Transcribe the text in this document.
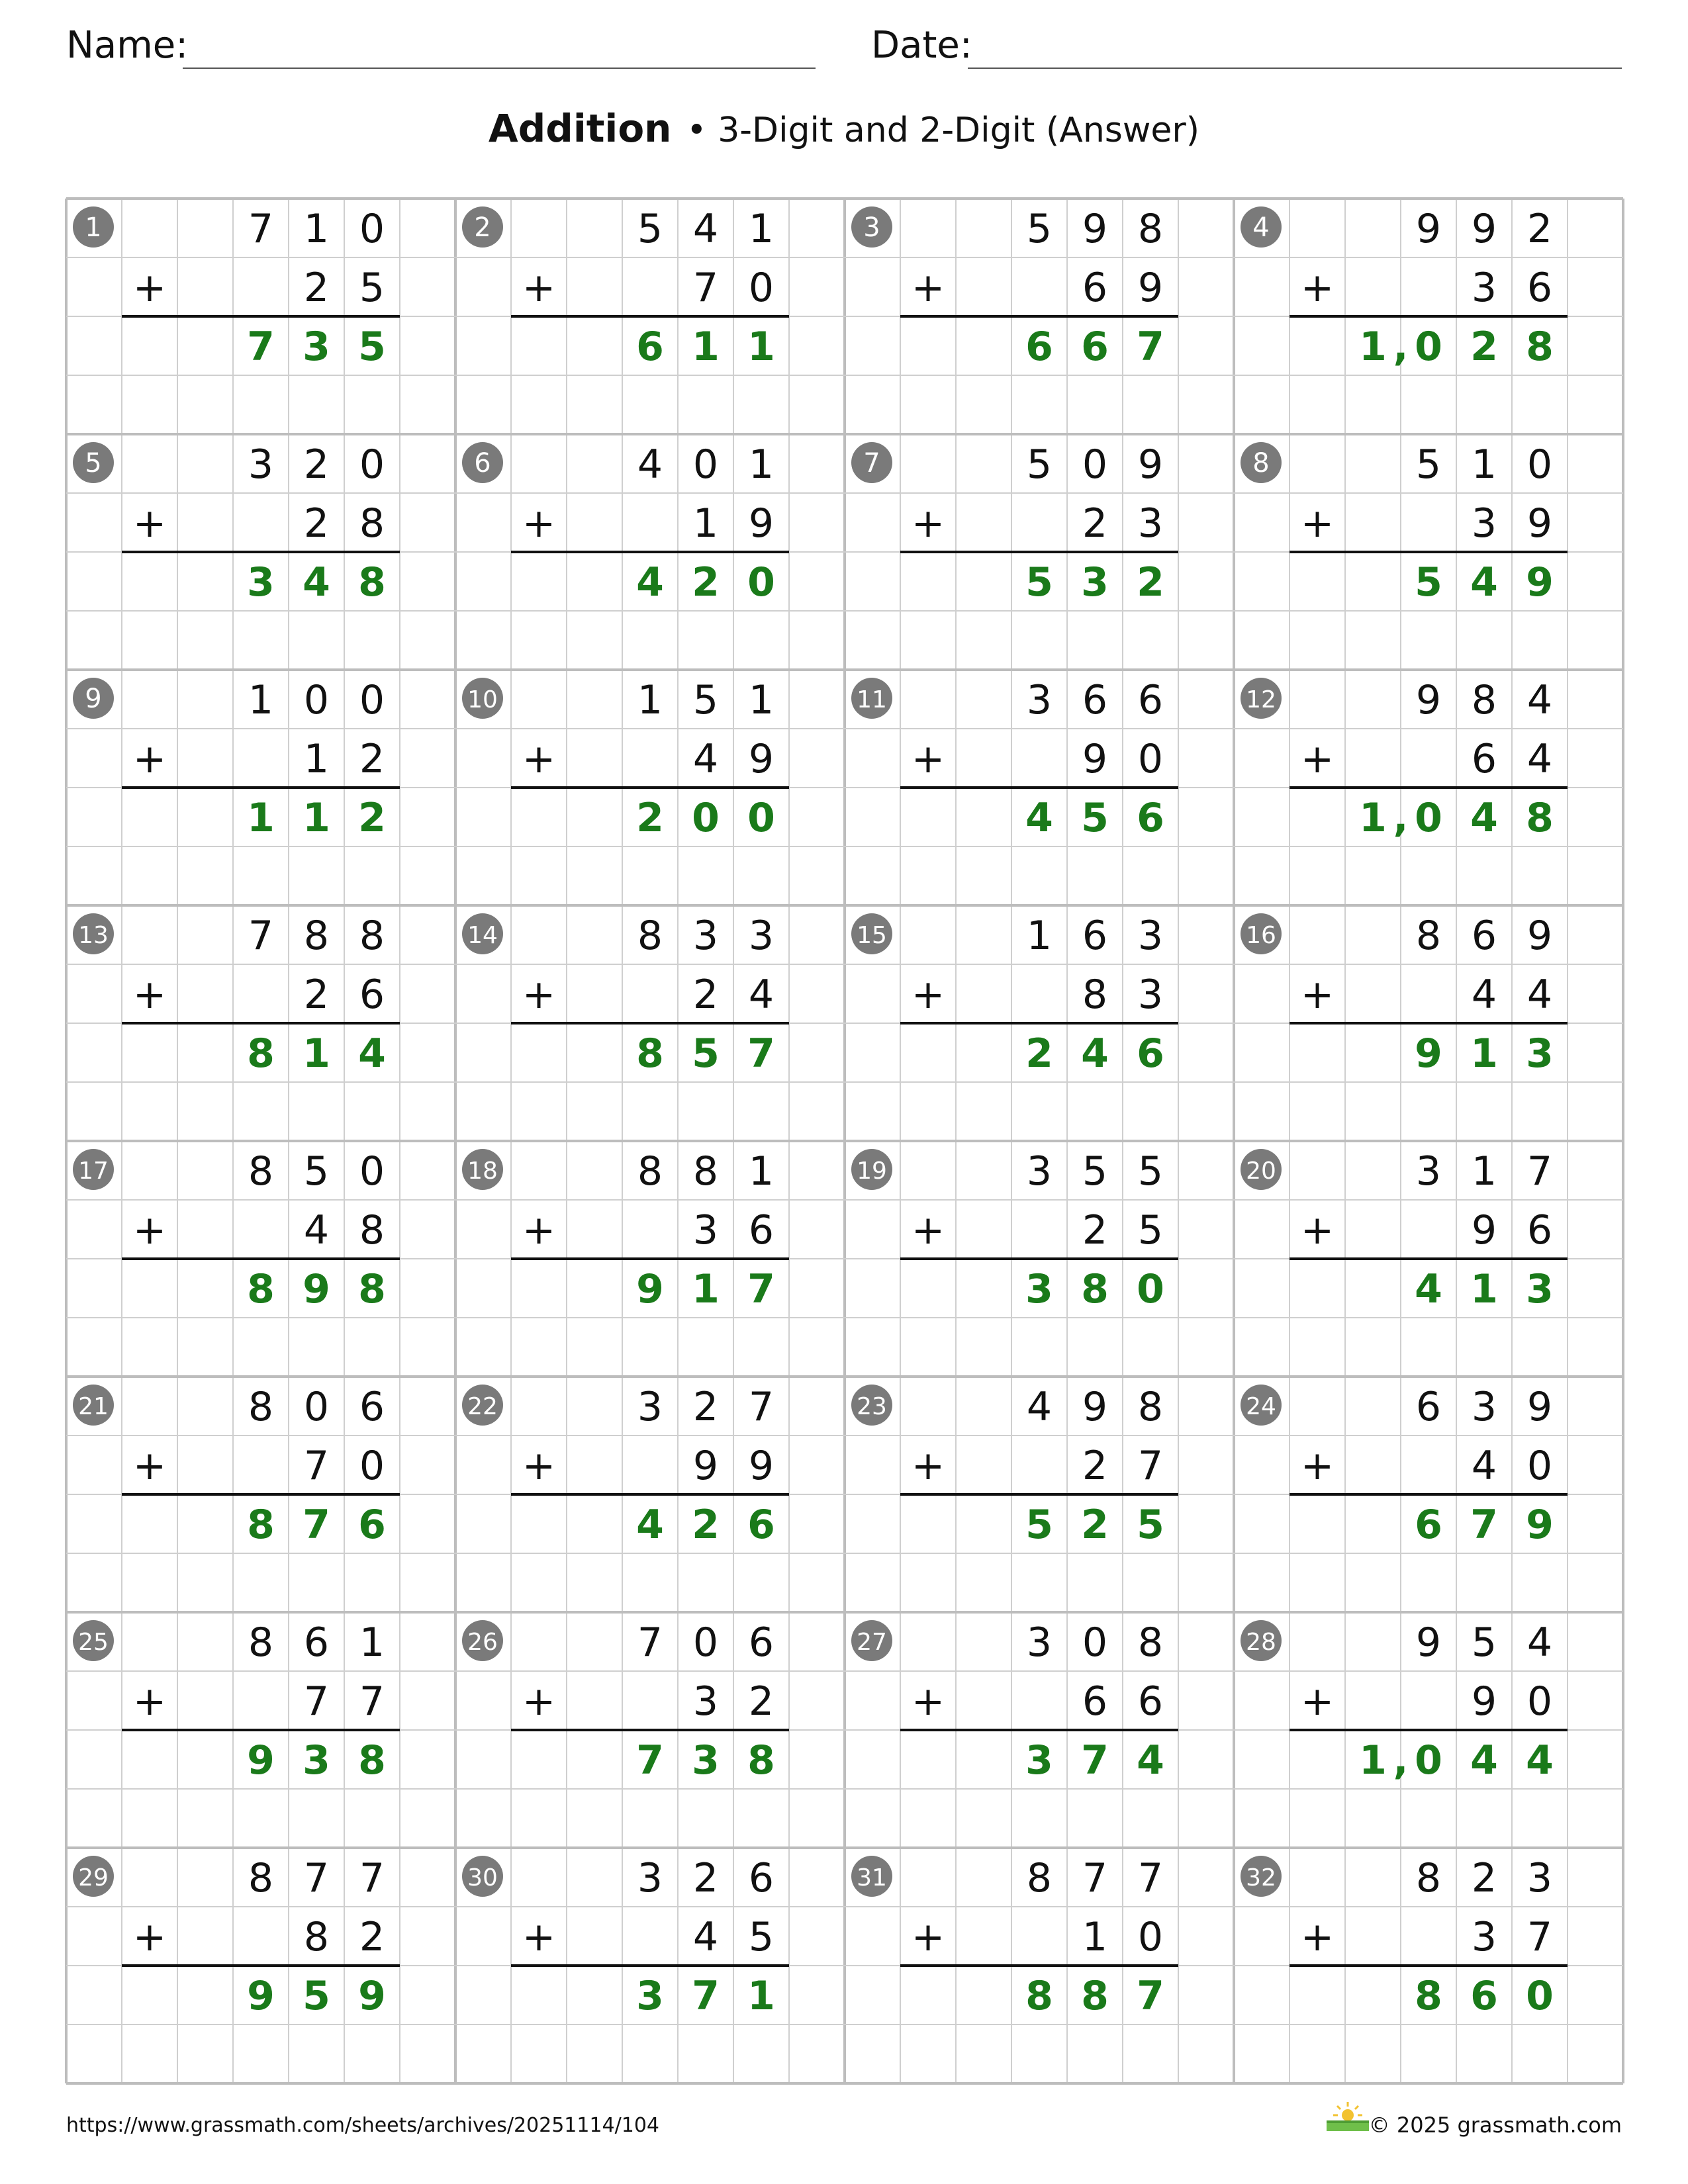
Name:	Date:
Addition • 3-Digit and 2-Digit (Answer)
1	7 1 0
+	2 5
7 3 5
2	5 4 1
+	7 0
6 1 1
3	5 9 8
+	6 9
6 6 7
4	9 9 2
+	3 6
1 0 2 8
,
5	3 2 0
+	2 8
3 4 8
6	4 0 1
+	1 9
4 2 0
7	5 0 9
+	2 3
5 3 2
8	5 1 0
+	3 9
5 4 9
9	1 0 0
+	1 2
1 1 2
10	1 5 1
+	4 9
2 0 0
11	3 6 6
+	9 0
4 5 6
12	9 8 4
+	6 4
1 0 4 8
,
13	7 8 8
+	2 6
8 1 4
14	8 3 3
+	2 4
8 5 7
15	1 6 3
+	8 3
2 4 6
16	8 6 9
+	4 4
9 1 3
17	8 5 0
+	4 8
8 9 8
18	8 8 1
+	3 6
9 1 7
19	3 5 5
+	2 5
3 8 0
20	3 1 7
+	9 6
4 1 3
21	8 0 6
+	7 0
8 7 6
22	3 2 7
+	9 9
4 2 6
23	4 9 8
+	2 7
5 2 5
24	6 3 9
+	4 0
6 7 9
25	8 6 1
+	7 7
9 3 8
26	7 0 6
+	3 2
7 3 8
27	3 0 8
+	6 6
3 7 4
28	9 5 4
+	9 0
1 0 4 4
,
29	8 7 7
+	8 2
9 5 9
30	3 2 6
+	4 5
3 7 1
31	8 7 7
+	1 0
8 8 7
32	8 2 3
+	3 7
8 6 0
https://www.grassmath.com/sheets/archives/20251114/104	© 2025 grassmath.com
